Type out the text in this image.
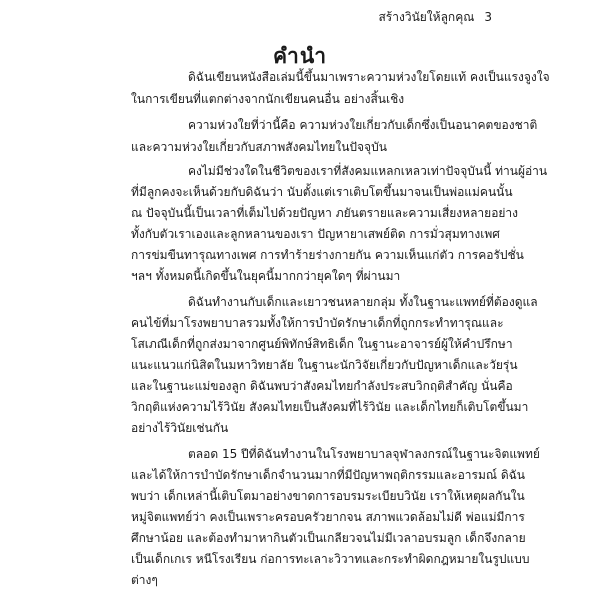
สร้างวินัยให้ลูกคุณ 3
คำนำ
ดิฉันเขียนหนังสือเล่มนี้ขึ้นมาเพราะความห่วงใยโดยแท้ คงเป็นแรงจูงใจ
ในการเขียนที่แตกต่างจากนักเขียนคนอื่น อย่างสิ้นเชิง
ความห่วงใยที่ว่านี้คือ ความห่วงใยเกี่ยวกับเด็กซึ่งเป็นอนาคตของชาติ
และความห่วงใยเกี่ยวกับสภาพสังคมไทยในปัจจุบัน
คงไม่มีช่วงใดในชีวิตของเราที่สังคมแหลกเหลวเท่าปัจจุบันนี้ ท่านผู้อ่าน
ที่มีลูกคงจะเห็นด้วยกับดิฉันว่า นับตั้งแต่เราเติบโตขึ้นมาจนเป็นพ่อแม่คนนั้น
ณ ปัจจุบันนี้เป็นเวลาที่เต็มไปด้วยปัญหา ภยันตรายและความเสี่ยงหลายอย่าง
ทั้งกับตัวเราเองและลูกหลานของเรา ปัญหายาเสพย์ติด การมั่วสุมทางเพศ
การข่มขืนทารุณทางเพศ การทำร้ายร่างกายกัน ความเห็นแก่ตัว การคอรัปชั่น
ฯลฯ ทั้งหมดนี้เกิดขึ้นในยุคนี้มากกว่ายุคใดๆ ที่ผ่านมา
ดิฉันทำงานกับเด็กและเยาวชนหลายกลุ่ม ทั้งในฐานะแพทย์ที่ต้องดูแล
คนไข้ที่มาโรงพยาบาลรวมทั้งให้การบำบัดรักษาเด็กที่ถูกกระทำทารุณและ
โสเภณีเด็กที่ถูกส่งมาจากศูนย์พิทักษ์สิทธิเด็ก ในฐานะอาจารย์ผู้ให้คำปรึกษา
แนะแนวแก่นิสิตในมหาวิทยาลัย ในฐานะนักวิจัยเกี่ยวกับปัญหาเด็กและวัยรุ่น
และในฐานะแม่ของลูก ดิฉันพบว่าสังคมไทยกำลังประสบวิกฤติสำคัญ นั่นคือ
วิกฤติแห่งความไร้วินัย สังคมไทยเป็นสังคมที่ไร้วินัย และเด็กไทยก็เติบโตขึ้นมา
อย่างไร้วินัยเช่นกัน
ตลอด 15 ปีที่ดิฉันทำงานในโรงพยาบาลจุฬาลงกรณ์ในฐานะจิตแพทย์
และได้ให้การบำบัดรักษาเด็กจำนวนมากที่มีปัญหาพฤติกรรมและอารมณ์ ดิฉัน
พบว่า เด็กเหล่านี้เติบโตมาอย่างขาดการอบรมระเบียบวินัย เราให้เหตุผลกันใน
หมู่จิตแพทย์ว่า คงเป็นเพราะครอบครัวยากจน สภาพแวดล้อมไม่ดี พ่อแม่มีการ
ศึกษาน้อย และต้องทำมาหากินตัวเป็นเกลียวจนไม่มีเวลาอบรมลูก เด็กจึงกลาย
เป็นเด็กเกเร หนีโรงเรียน ก่อการทะเลาะวิวาทและกระทำผิดกฎหมายในรูปแบบ
ต่างๆ
